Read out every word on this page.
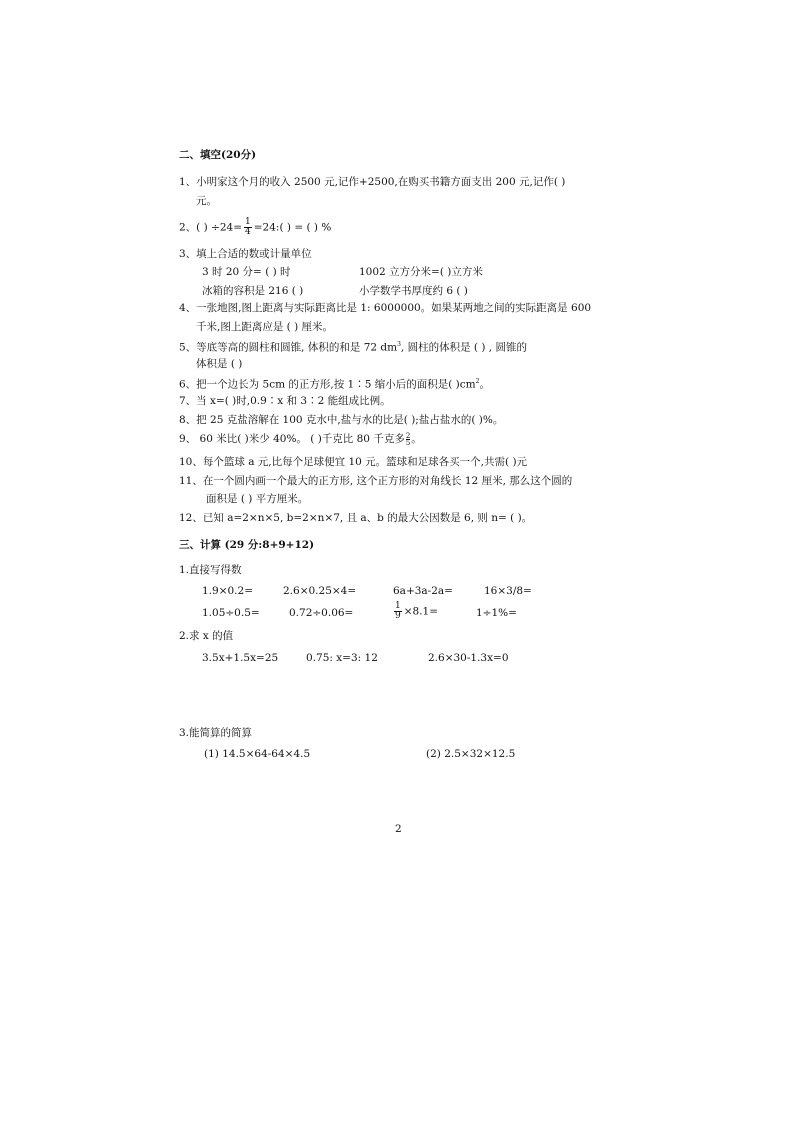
二、填空(20分)
1、小明家这个月的收入 2500 元,记作+2500,在购买书籍方面支出 200 元,记作( )
元。
2、( ) $\div 24= \frac{1}{4}$ =24:( ) = ( ) %
3、填上合适的数或计量单位
3 时 20 分= ( ) 时	1002 立方分米=( )立方米
冰箱的容积是 216 ( )	小学数学书厚度约 6 ( )
4、一张地图,图上距离与实际距离比是 1: 6000000。如果某两地之间的实际距离是 600
千米,图上距离应是 ( ) 厘米。
5、等底等高的圆柱和圆锥, 体积的和是 72 $dm^3$, 圆柱的体积是 ( ) , 圆锥的
体积是 ( )
6、把一个边长为 5cm 的正方形,按 1∶5 缩小后的面积是( )$cm^2$。
7、当 x=( )时,0.9∶x 和 3∶2 能组成比例。
8、把 25 克盐溶解在 100 克水中,盐与水的比是( );盐占盐水的( )%。
9、 60 米比( )米少 40%。 ( )千克比 80 千克多 $\frac{2}{5}$ 。
10、每个篮球 a 元,比每个足球便宜 10 元。篮球和足球各买一个,共需( )元
11、在一个圆内画一个最大的正方形, 这个正方形的对角线长 12 厘米, 那么这个圆的
面积是 ( ) 平方厘米。
12、已知 a=2×n×5, b=2×n×7, 且 a、b 的最大公因数是 6, 则 n= ( )。
三、计算 (29 分:8+9+12)
1.直接写得数
1.9×0.2=	2.6×0.25×4=	6a+3a-2a=	16×3/8=
1.05÷0.5=	0.72÷0.06=	$\frac{1}{9} \times 8.1=$	1÷1%=
2.求 x 的值
3.5x+1.5x=25	0.75: x=3: 12	2.6×30-1.3x=0
3.能简算的简算
(1) 14.5×64-64×4.5	(2) 2.5×32×12.5
2
